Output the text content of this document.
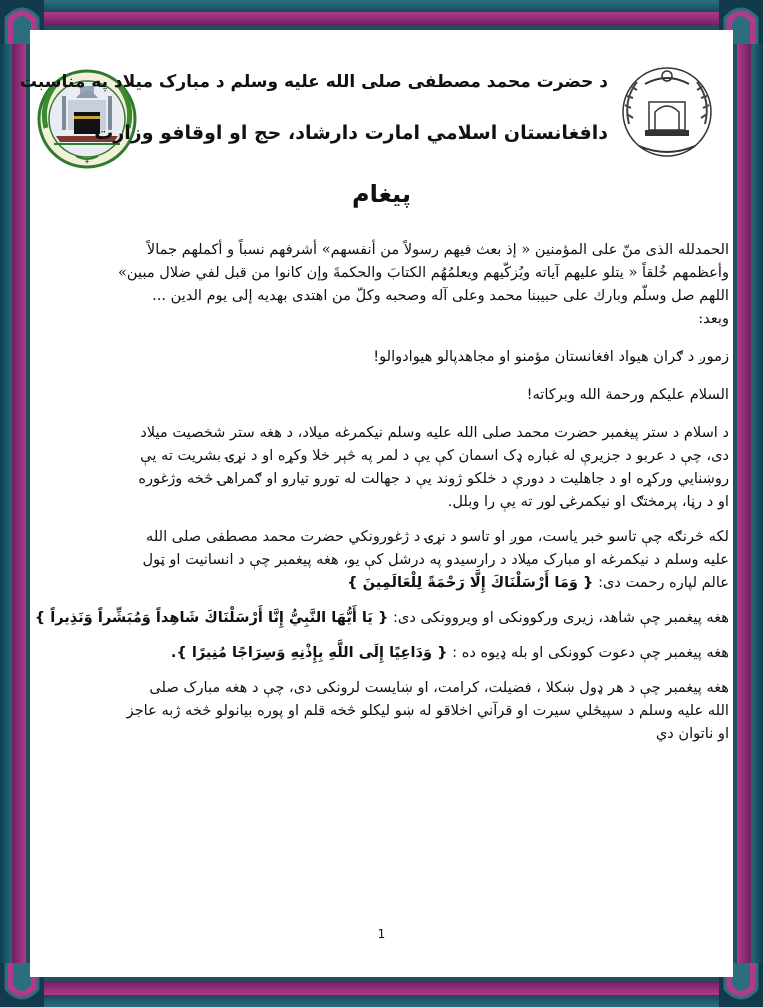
✦
د حضرت محمد مصطفی صلی الله علیه وسلم د مبارک میلاد په مناسبت
دافغانستان اسلامي امارت دارشاد، حج او اوقافو وزارت
پیغام
الحمدلله الذی منّ علی المؤمنین « إذ بعث فیهم رسولاً من أنفسهم» أشرفهم نسباً و أكملهم جمالاً
وأعظمهم خُلقاً « یتلو علیهم آیاته ویُزكّیهم ویعلمُهُم الكتابَ والحكمةَ وإن كانوا من قبل لفي ضلال مبین»
اللهم صل وسلّم وبارك علی حبیبنا محمد وعلی آله وصحبه وكلّ من اهتدی بهدیه إلی یوم الدین ...
وبعد:
زموږ د ګران هیواد افغانستان مؤمنو او مجاهدپالو هیوادوالو!
السلام علیکم ورحمة الله وبرکاته!
د اسلام د ستر پیغمبر حضرت محمد صلی الله علیه وسلم نیکمرغه میلاد، د هغه ستر شخصیت میلاد
دی، چې د عربو د جزیرې له غباره ډک اسمان کې یې د لمر په څېر خلا وکړه او د نړۍ بشریت ته یې
روښنايي ورکړه او د جاهلیت د دورې د خلکو ژوند یې د جهالت له تورو تیارو او ګمراهۍ څخه وژغوره
او د رڼا، پرمختګ او نیکمرغۍ لور ته یې را وبلل.
لکه څرنګه چې تاسو خبر یاست، موږ او تاسو د نړۍ د ژغورونکي حضرت محمد مصطفی صلی الله
علیه وسلم د نیکمرغه او مبارک میلاد د رارسیدو په درشل کې یو، هغه پیغمبر چې د انسانیت او ټول
عالم لپاره رحمت دی: { وَمَا أَرْسَلْنَاكَ إِلَّا رَحْمَةً لِلْعَالَمِينَ }
هغه پیغمبر چې شاهد، زیری ورکوونکی او ویروونکی دی: { يَا أَيُّهَا النَّبِيُّ إِنَّا أَرْسَلْنَاكَ شَاهِداً وَمُبَشِّراً وَنَذِيراً }
هغه پیغمبر چې دعوت کوونکی او بله ډیوه ده : { وَدَاعِيًا إِلَى اللَّهِ بِإِذْنِهِ وَسِرَاجًا مُنِيرًا }.
هغه پیغمبر چې د هر ډول ښکلا ، فضیلت، کرامت، او ښایست لرونکی دی، چې د هغه مبارک صلی
الله علیه وسلم د سپیڅلي سیرت او قرآني اخلاقو له ښو لیکلو څخه قلم او پوره بیانولو څخه ژبه عاجز
او ناتوان دي
1
